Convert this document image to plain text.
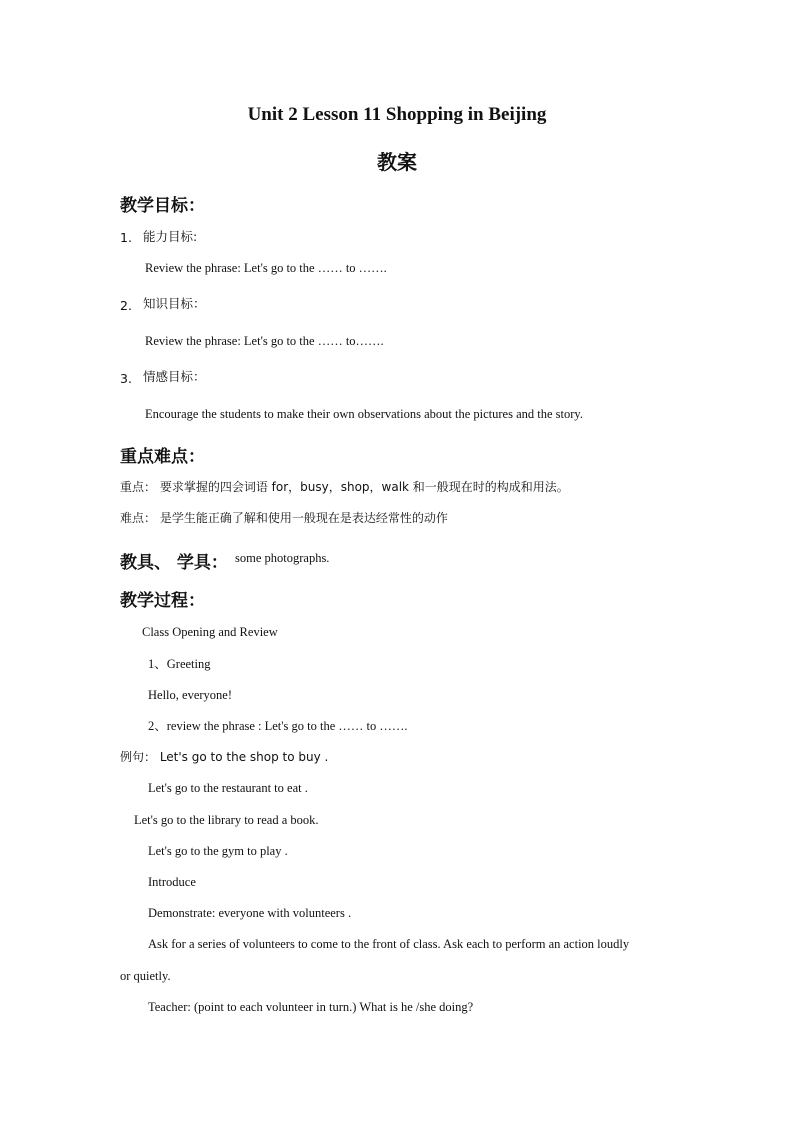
Unit 2 Lesson 11 Shopping in Beijing
教案
教学目标：
1. 能力目标:
Review the phrase: Let's go to the …… to …….
2. 知识目标：
Review the phrase: Let's go to the …… to…….
3. 情感目标：
Encourage the students to make their own observations about the pictures and the story.
重点难点：
重点： 要求掌握的四会词语 for，busy，shop，walk 和一般现在时的构成和用法。
难点： 是学生能正确了解和使用一般现在是表达经常性的动作
教具、 学具： some photographs.
教学过程：
Class Opening and Review
1、Greeting
Hello, everyone!
2、review the phrase : Let's go to the …… to …….
例句： Let's go to the shop to buy .
Let's go to the restaurant to eat .
Let's go to the library to read a book.
Let's go to the gym to play .
Introduce
Demonstrate: everyone with volunteers .
Ask for a series of volunteers to come to the front of class. Ask each to perform an action loudly
or quietly.
Teacher: (point to each volunteer in turn.) What is he /she doing?
